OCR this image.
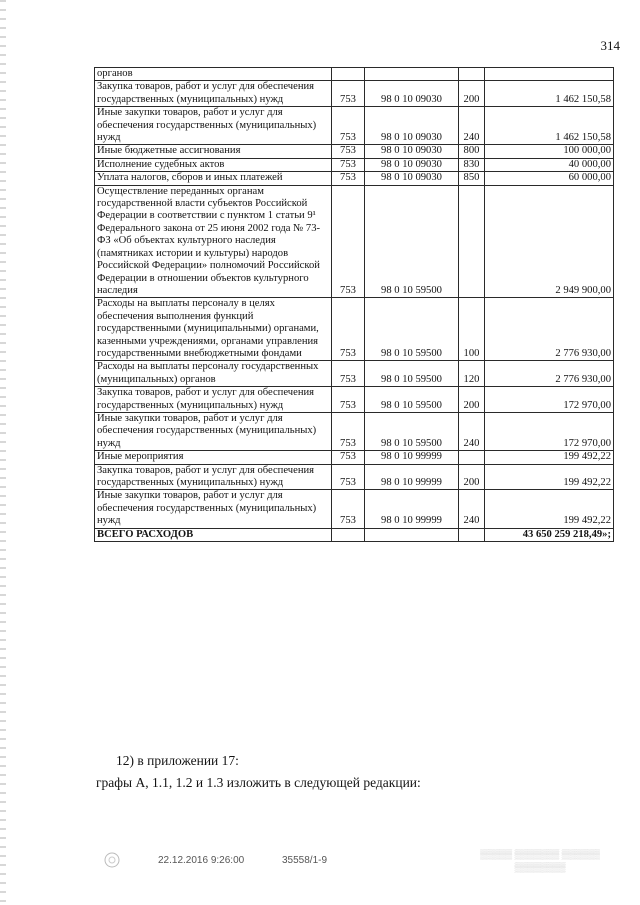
314
органов				
Закупка товаров, работ и услуг для обеспечения государственных (муниципальных) нужд	753	98 0 10 09030	200	1 462 150,58
Иные закупки товаров, работ и услуг для обеспечения государственных (муниципальных) нужд	753	98 0 10 09030	240	1 462 150,58
Иные бюджетные ассигнования	753	98 0 10 09030	800	100 000,00
Исполнение судебных актов	753	98 0 10 09030	830	40 000,00
Уплата налогов, сборов и иных платежей	753	98 0 10 09030	850	60 000,00
Осуществление переданных органам государственной власти субъектов Российской Федерации в соответствии с пунктом 1 статьи 9¹ Федерального закона от 25 июня 2002 года № 73-ФЗ «Об объектах культурного наследия (памятниках истории и культуры) народов Российской Федерации» полномочий Российской Федерации в отношении объектов культурного наследия	753	98 0 10 59500		2 949 900,00
Расходы на выплаты персоналу в целях обеспечения выполнения функций государственными (муниципальными) органами, казенными учреждениями, органами управления государственными внебюджетными фондами	753	98 0 10 59500	100	2 776 930,00
Расходы на выплаты персоналу государственных (муниципальных) органов	753	98 0 10 59500	120	2 776 930,00
Закупка товаров, работ и услуг для обеспечения государственных (муниципальных) нужд	753	98 0 10 59500	200	172 970,00
Иные закупки товаров, работ и услуг для обеспечения государственных (муниципальных) нужд	753	98 0 10 59500	240	172 970,00
Иные мероприятия	753	98 0 10 99999		199 492,22
Закупка товаров, работ и услуг для обеспечения государственных (муниципальных) нужд	753	98 0 10 99999	200	199 492,22
Иные закупки товаров, работ и услуг для обеспечения государственных (муниципальных) нужд	753	98 0 10 99999	240	199 492,22
ВСЕГО РАСХОДОВ				43 650 259 218,49»;
12) в приложении 17:
графы А, 1.1, 1.2 и 1.3 изложить в следующей редакции:
22.12.2016 9:26:00	35558/1-9
▒▒▒▒▒ ▒▒▒▒▒▒▒ ▒▒▒▒▒▒
▒▒▒▒▒▒▒▒
